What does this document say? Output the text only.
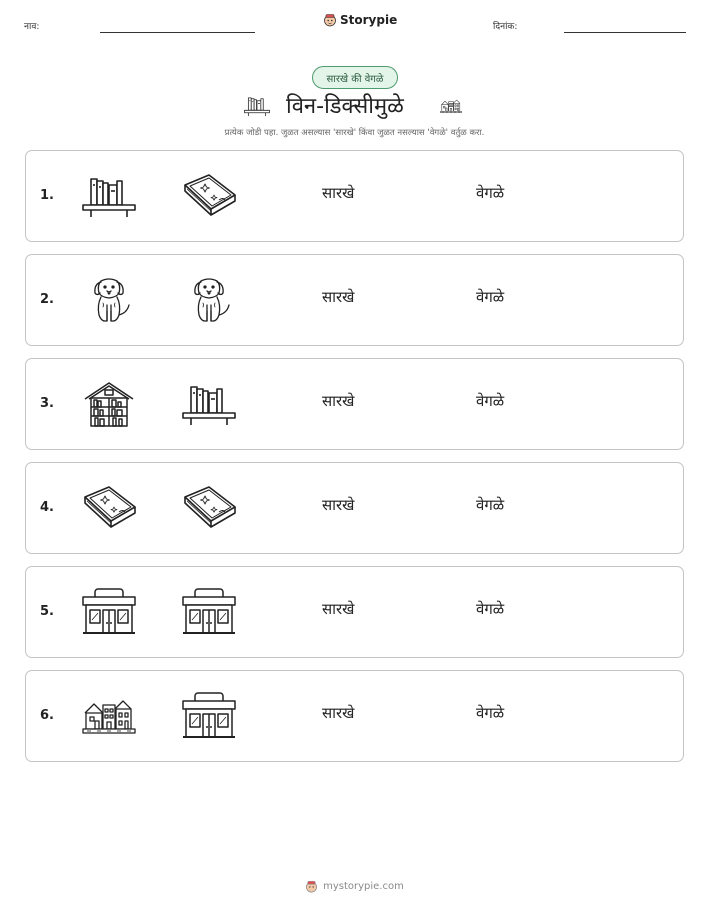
नाव:	Storypie	दिनांक:
सारखे की वेगळे
विन-डिक्सीमुळे
प्रत्येक जोडी पहा. जुळत असल्यास 'सारखे' किंवा जुळत नसल्यास 'वेगळे' वर्तुळ करा.
1.	सारखे	वेगळे
2.	सारखे	वेगळे
3.	सारखे	वेगळे
4.	सारखे	वेगळे
5.	सारखे	वेगळे
6.	सारखे	वेगळे
mystorypie.com
